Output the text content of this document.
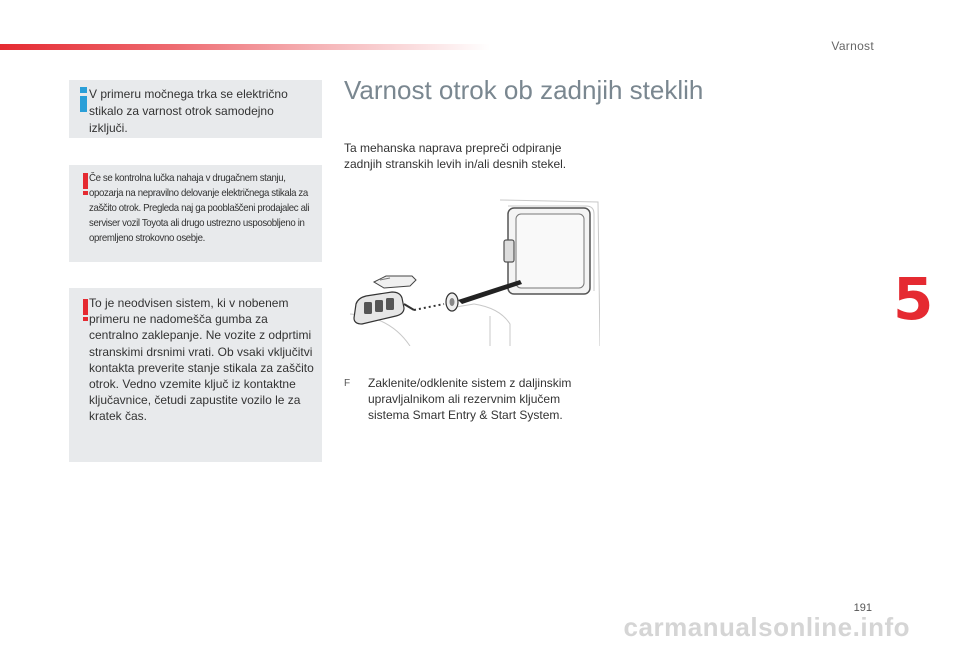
Varnost
5
V primeru močnega trka se električno stikalo za varnost otrok samodejno izključi.
Če se kontrolna lučka nahaja v drugačnem stanju, opozarja na nepravilno delovanje električnega stikala za zaščito otrok. Pregleda naj ga pooblaščeni prodajalec ali serviser vozil Toyota ali drugo ustrezno usposobljeno in opremljeno strokovno osebje.
To je neodvisen sistem, ki v nobenem primeru ne nadomešča gumba za centralno zaklepanje. Ne vozite z odprtimi stranskimi drsnimi vrati. Ob vsaki vključitvi kontakta preverite stanje stikala za zaščito otrok. Vedno vzemite ključ iz kontaktne ključavnice, četudi zapustite vozilo le za kratek čas.
Varnost otrok ob zadnjih steklih
Ta mehanska naprava prepreči odpiranje zadnjih stranskih levih in/ali desnih stekel.
F Zaklenite/odklenite sistem z daljinskim upravljalnikom ali rezervnim ključem sistema Smart Entry & Start System.
191
carmanualsonline.info
